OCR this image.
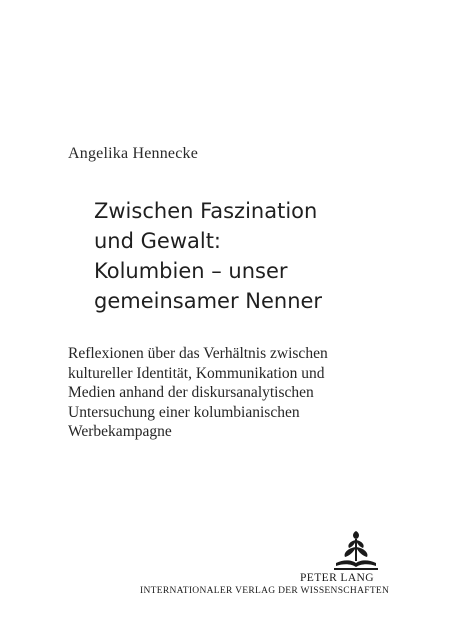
Angelika Hennecke
Zwischen Faszination
und Gewalt:
Kolumbien – unser
gemeinsamer Nenner
Reflexionen über das Verhältnis zwischen
kultureller Identität, Kommunikation und
Medien anhand der diskursanalytischen
Untersuchung einer kolumbianischen
Werbekampagne
PETER LANG
INTERNATIONALER VERLAG DER WISSENSCHAFTEN
